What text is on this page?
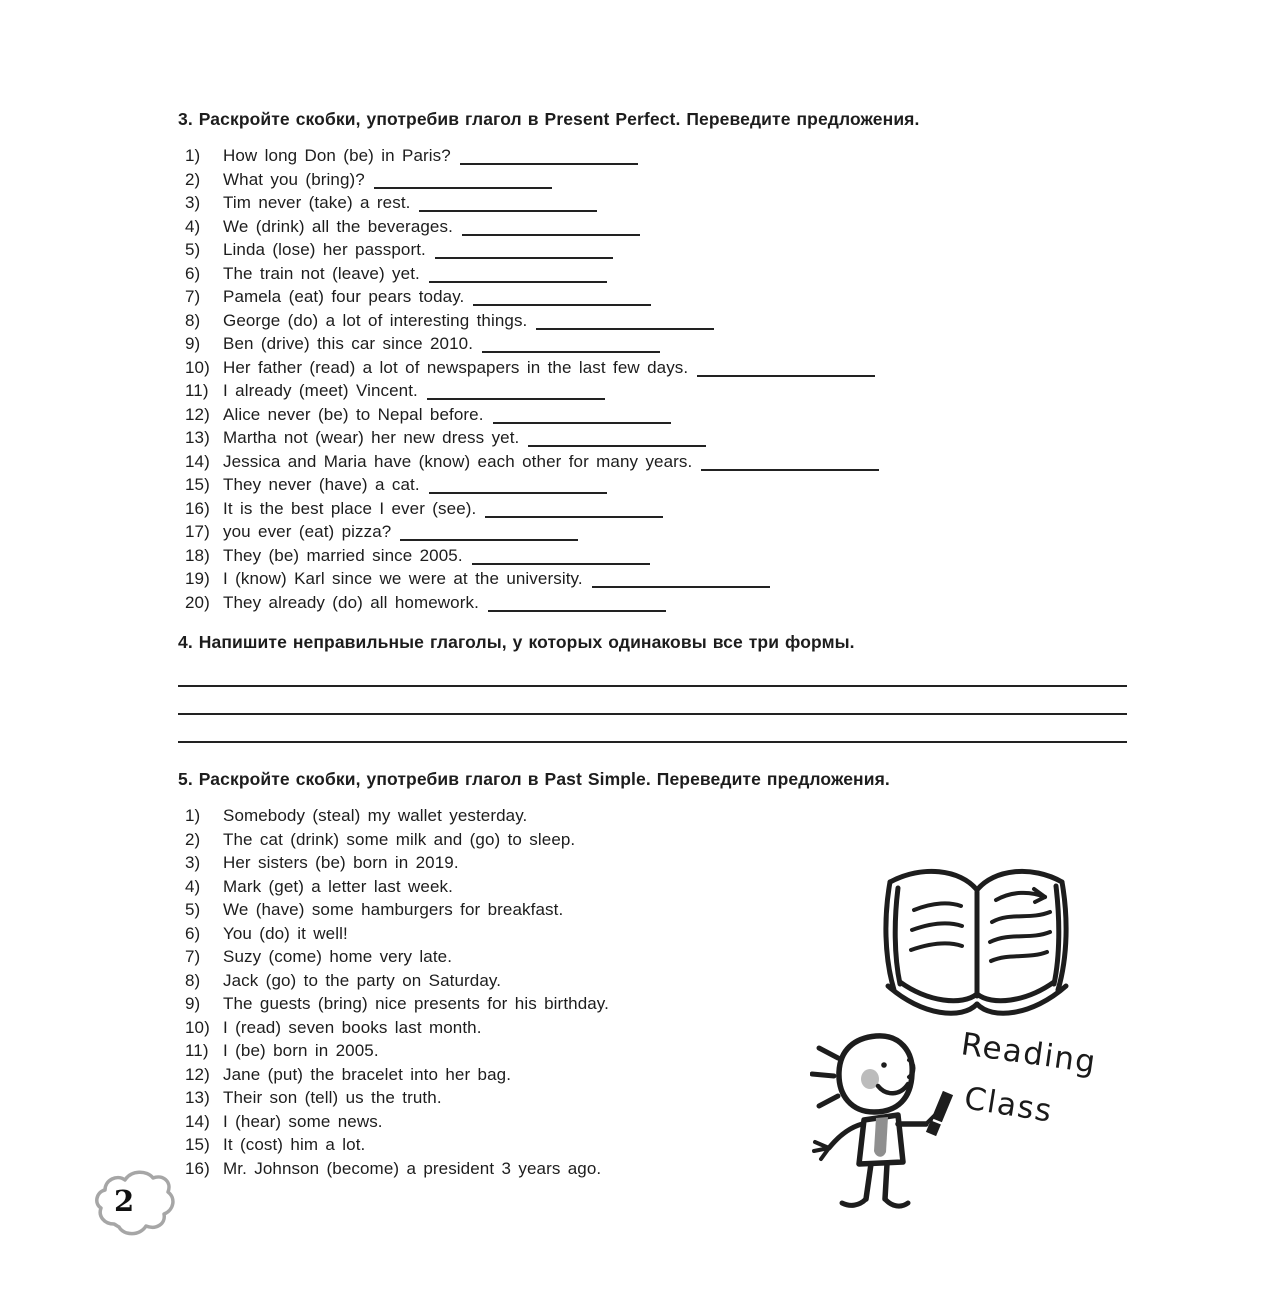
3. Раскройте скобки, употребив глагол в Present Perfect. Переведите предложения.
1) How long Don (be) in Paris?
2) What you (bring)?
3) Tim never (take) a rest.
4) We (drink) all the beverages.
5) Linda (lose) her passport.
6) The train not (leave) yet.
7) Pamela (eat) four pears today.
8) George (do) a lot of interesting things.
9) Ben (drive) this car since 2010.
10) Her father (read) a lot of newspapers in the last few days.
11) I already (meet) Vincent.
12) Alice never (be) to Nepal before.
13) Martha not (wear) her new dress yet.
14) Jessica and Maria have (know) each other for many years.
15) They never (have) a cat.
16) It is the best place I ever (see).
17) you ever (eat) pizza?
18) They (be) married since 2005.
19) I (know) Karl since we were at the university.
20) They already (do) all homework.
4. Напишите неправильные глаголы, у которых одинаковы все три формы.
5. Раскройте скобки, употребив глагол в Past Simple. Переведите предложения.
1) Somebody (steal) my wallet yesterday.
2) The cat (drink) some milk and (go) to sleep.
3) Her sisters (be) born in 2019.
4) Mark (get) a letter last week.
5) We (have) some hamburgers for breakfast.
6) You (do) it well!
7) Suzy (come) home very late.
8) Jack (go) to the party on Saturday.
9) The guests (bring) nice presents for his birthday.
10) I (read) seven books last month.
11) I (be) born in 2005.
12) Jane (put) the bracelet into her bag.
13) Their son (tell) us the truth.
14) I (hear) some news.
15) It (cost) him a lot.
16) Mr. Johnson (become) a president 3 years ago.
Reading
Class
2
